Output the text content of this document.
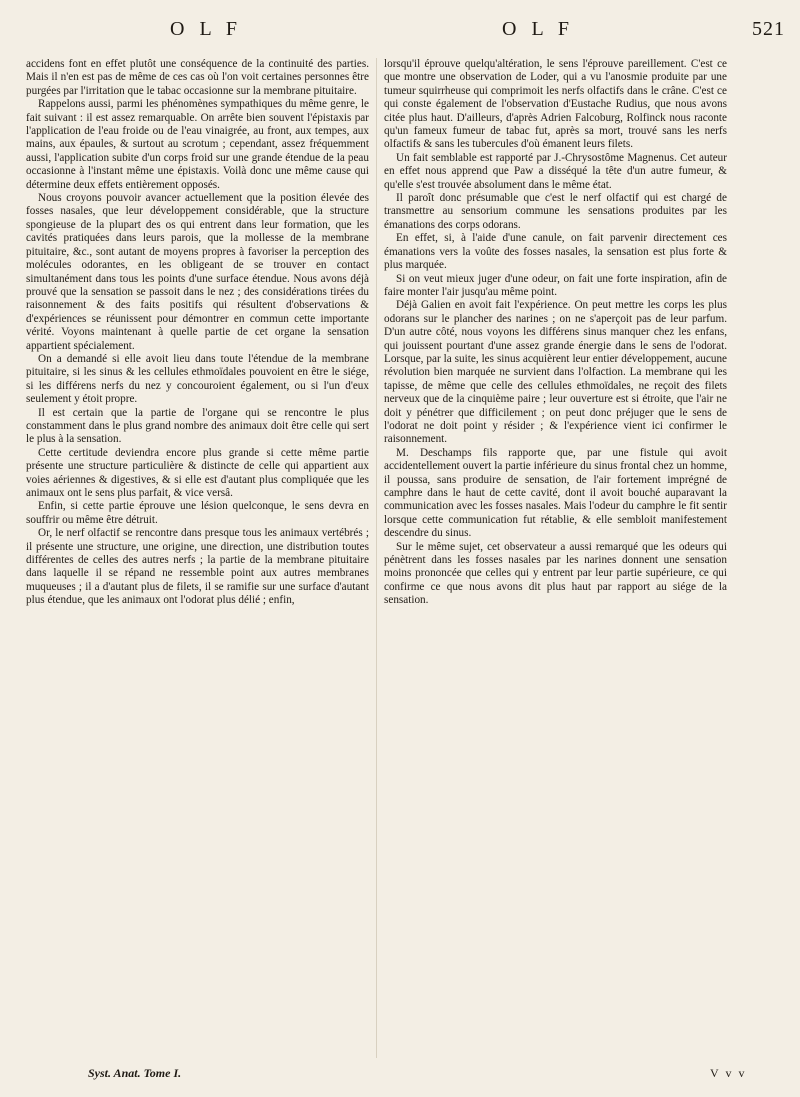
O L F	O L F	521

accidens font en effet plutôt une conséquence de la continuité des parties. Mais il n'en est pas de même de ces cas où l'on voit certaines personnes être purgées par l'irritation que le tabac occasionne sur la membrane pituitaire.

Rappelons aussi, parmi les phénomènes sympathiques du même genre, le fait suivant : il est assez remarquable. On arrête bien souvent l'épistaxis par l'application de l'eau froide ou de l'eau vinaigrée, au front, aux tempes, aux mains, aux épaules, & surtout au scrotum ; cependant, assez fréquemment aussi, l'application subite d'un corps froid sur une grande étendue de la peau occasionne à l'instant même une épistaxis. Voilà donc une même cause qui détermine deux effets entièrement opposés.

Nous croyons pouvoir avancer actuellement que la position élevée des fosses nasales, que leur développement considérable, que la structure spongieuse de la plupart des os qui entrent dans leur formation, que les cavités pratiquées dans leurs parois, que la mollesse de la membrane pituitaire, &c., sont autant de moyens propres à favoriser la perception des molécules odorantes, en les obligeant de se trouver en contact simultanément dans tous les points d'une surface étendue. Nous avons déjà prouvé que la sensation se passoit dans le nez ; des considérations tirées du raisonnement & des faits positifs qui résultent d'observations & d'expériences se réunissent pour démontrer en commun cette importante vérité. Voyons maintenant à quelle partie de cet organe la sensation appartient spécialement.

On a demandé si elle avoit lieu dans toute l'étendue de la membrane pituitaire, si les sinus & les cellules ethmoïdales pouvoient en être le siége, si les différens nerfs du nez y concouroient également, ou si l'un d'eux seulement y étoit propre.

Il est certain que la partie de l'organe qui se rencontre le plus constamment dans le plus grand nombre des animaux doit être celle qui sert le plus à la sensation.

Cette certitude deviendra encore plus grande si cette même partie présente une structure particulière & distincte de celle qui appartient aux voies aériennes & digestives, & si elle est d'autant plus compliquée que les animaux ont le sens plus parfait, & vice versâ.

Enfin, si cette partie éprouve une lésion quelconque, le sens devra en souffrir ou même être détruit.

Or, le nerf olfactif se rencontre dans presque tous les animaux vertébrés ; il présente une structure, une origine, une direction, une distribution toutes différentes de celles des autres nerfs ; la partie de la membrane pituitaire dans laquelle il se répand ne ressemble point aux autres membranes muqueuses ; il a d'autant plus de filets, il se ramifie sur une surface d'autant plus étendue, que les animaux ont l'odorat plus délié ; enfin,

lorsqu'il éprouve quelqu'altération, le sens l'éprouve pareillement. C'est ce que montre une observation de Loder, qui a vu l'anosmie produite par une tumeur squirrheuse qui comprimoit les nerfs olfactifs dans le crâne. C'est ce qui conste également de l'observation d'Eustache Rudius, que nous avons citée plus haut. D'ailleurs, d'après Adrien Falcoburg, Rolfinck nous raconte qu'un fameux fumeur de tabac fut, après sa mort, trouvé sans les nerfs olfactifs & sans les tubercules d'où émanent leurs filets.

Un fait semblable est rapporté par J.-Chrysostôme Magnenus. Cet auteur en effet nous apprend que Paw a disséqué la tête d'un autre fumeur, & qu'elle s'est trouvée absolument dans le même état.

Il paroît donc présumable que c'est le nerf olfactif qui est chargé de transmettre au sensorium commune les sensations produites par les émanations des corps odorans.

En effet, si, à l'aide d'une canule, on fait parvenir directement ces émanations vers la voûte des fosses nasales, la sensation est plus forte & plus marquée.

Si on veut mieux juger d'une odeur, on fait une forte inspiration, afin de faire monter l'air jusqu'au même point.

Déjà Galien en avoit fait l'expérience. On peut mettre les corps les plus odorans sur le plancher des narines ; on ne s'aperçoit pas de leur parfum. D'un autre côté, nous voyons les différens sinus manquer chez les enfans, qui jouissent pourtant d'une assez grande énergie dans le sens de l'odorat. Lorsque, par la suite, les sinus acquièrent leur entier développement, aucune révolution bien marquée ne survient dans l'olfaction. La membrane qui les tapisse, de même que celle des cellules ethmoïdales, ne reçoit des filets nerveux que de la cinquième paire ; leur ouverture est si étroite, que l'air ne doit y pénétrer que difficilement ; on peut donc préjuger que le sens de l'odorat ne doit point y résider ; & l'expérience vient ici confirmer le raisonnement.

M. Deschamps fils rapporte que, par une fistule qui avoit accidentellement ouvert la partie inférieure du sinus frontal chez un homme, il poussa, sans produire de sensation, de l'air fortement imprégné de camphre dans le haut de cette cavité, dont il avoit bouché auparavant la communication avec les fosses nasales. Mais l'odeur du camphre le fit sentir lorsque cette communication fut rétablie, & elle sembloit manifestement descendre du sinus.

Sur le même sujet, cet observateur a aussi remarqué que les odeurs qui pénètrent dans les fosses nasales par les narines donnent une sensation moins prononcée que celles qui y entrent par leur partie supérieure, ce qui confirme ce que nous avons dit plus haut par rapport au siége de la sensation.

Syst. Anat. Tome I.	V v v
